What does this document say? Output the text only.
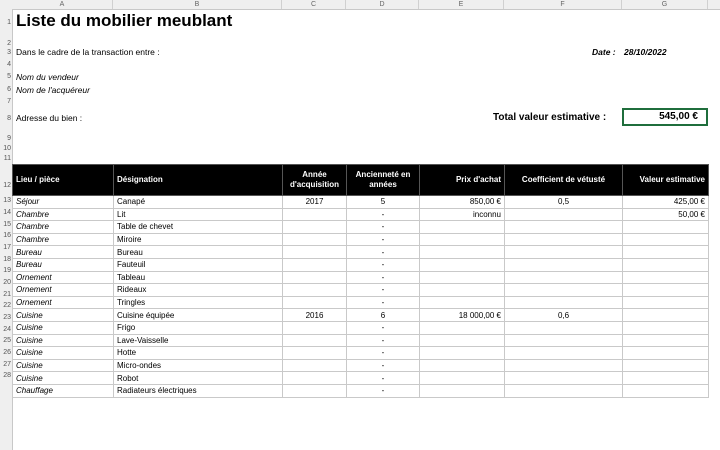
A	B	C	D	E	F	G
1
2
3
4
5
6
7
8
9
10
11
12
13
14
15
16
17
18
19
20
21
22
23
24
25
26
27
28
Liste du mobilier meublant
Dans le cadre de la transaction entre :	Date : 28/10/2022
Nom du vendeur
Nom de l'acquéreur
Adresse du bien :	Total valeur estimative :	545,00 €
Lieu / pièce	Désignation	Année d'acquisition	Ancienneté en années	Prix d'achat	Coefficient de vétusté	Valeur estimative
Séjour	Canapé	2017	5	850,00 €	0,5	425,00 €
Chambre	Lit		-	inconnu		50,00 €
Chambre	Table de chevet		-			
Chambre	Miroire		-			
Bureau	Bureau		-			
Bureau	Fauteuil		-			
Ornement	Tableau		-			
Ornement	Rideaux		-			
Ornement	Tringles		-			
Cuisine	Cuisine équipée	2016	6	18 000,00 €	0,6	
Cuisine	Frigo		-			
Cuisine	Lave-Vaisselle		-			
Cuisine	Hotte		-			
Cuisine	Micro-ondes		-			
Cuisine	Robot		-			
Chauffage	Radiateurs électriques		-			
